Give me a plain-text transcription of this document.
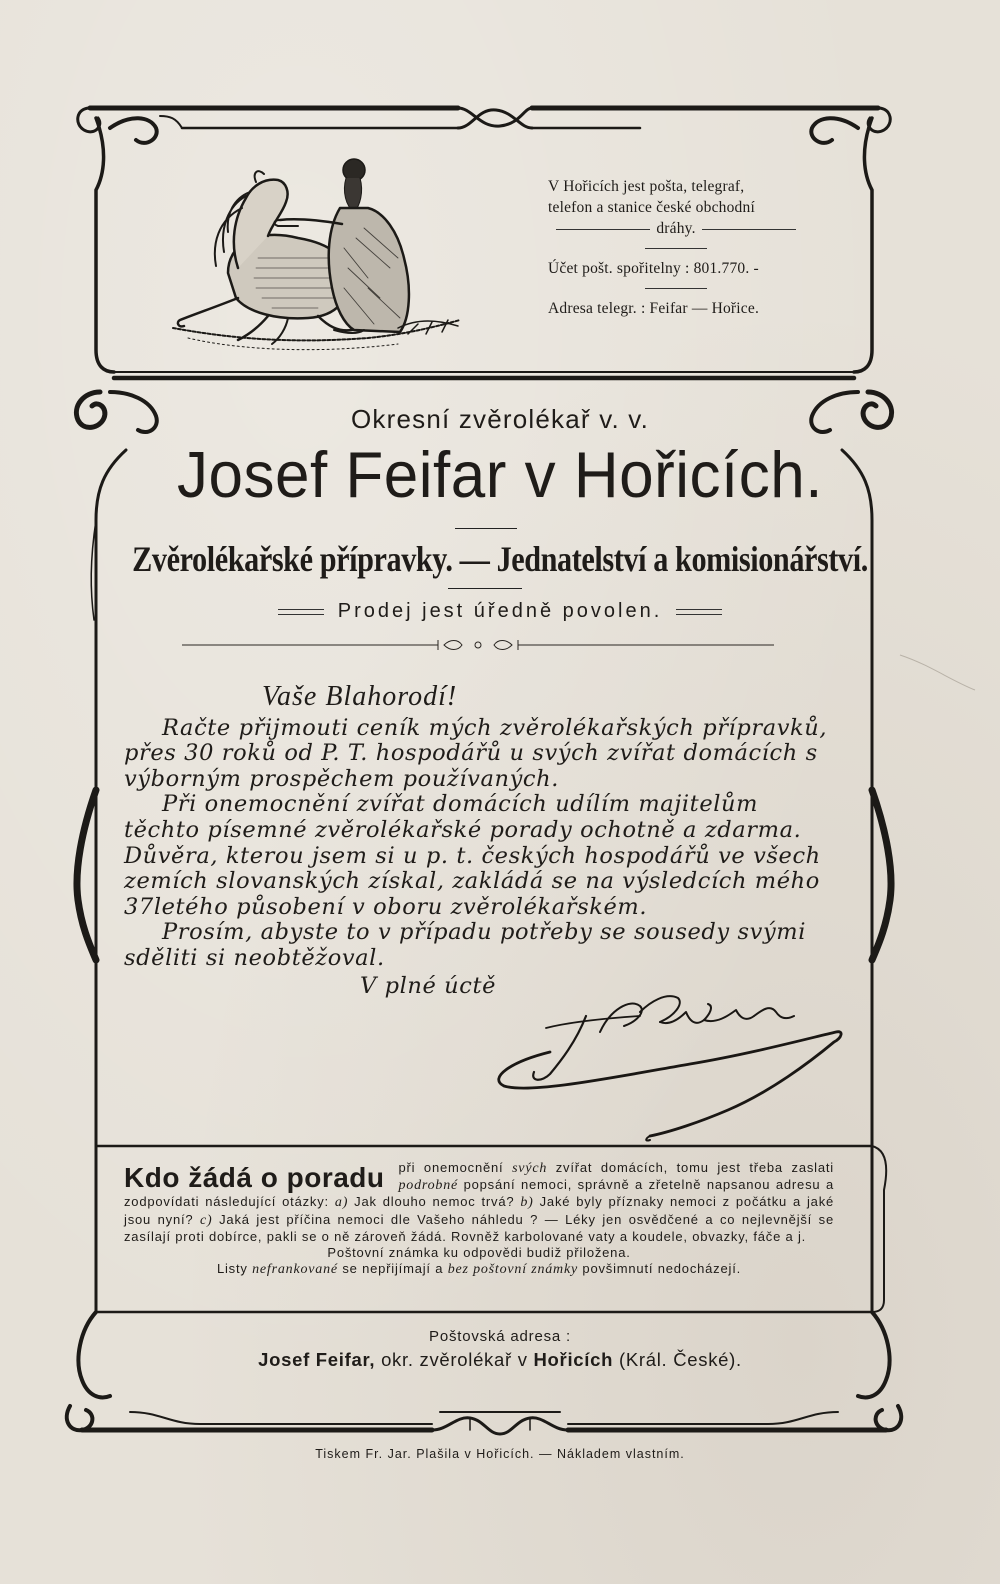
V Hořicích jest pošta, telegraf,
telefon a stanice české obchodní
dráhy.
Účet pošt. spořitelny : 801.770. -
Adresa telegr. : Feifar — Hořice.
Okresní zvěrolékař v. v.
Josef Feifar v Hořicích.
Zvěrolékařské přípravky. — Jednatelství a komisionářství.
Prodej jest úředně povolen.
Vaše Blahorodí!

Račte přijmouti ceník mých zvěrolékařských přípravků, přes 30 roků od P. T. hospodářů u svých zvířat domácích s výborným prospěchem používaných.

Při onemocnění zvířat domácích udílím majitelům těchto písemné zvěrolékařské porady ochotně a zdarma. Důvěra, kterou jsem si u p. t. českých hospodářů ve všech zemích slovanských získal, zakládá se na výsledcích mého 37letého působení v oboru zvěrolékařském.

Prosím, abyste to v případu potřeby se sousedy svými sděliti si neobtěžoval.

V plné úctě
Kdo žádá o poradu při onemocnění svých zvířat domácích, tomu jest třeba zaslati podrobné popsání nemoci, správně a zřetelně napsanou adresu a zodpovídati následující otázky: a) Jak dlouho nemoc trvá? b) Jaké byly příznaky nemoci z počátku a jaké jsou nyní? c) Jaká jest příčina nemoci dle Vašeho náhledu ? — Léky jen osvědčené a co nejlevnější se zasílají proti dobírce, pakli se o ně zároveň žádá. Rovněž karbolované vaty a koudele, obvazky, fáče a j.
Poštovní známka ku odpovědi budiž přiložena.
Listy nefrankované se nepřijímají a bez poštovní známky povšimnutí nedocházejí.
Poštovská adresa :
Josef Feifar, okr. zvěrolékař v Hořicích (Král. České).
Tiskem Fr. Jar. Plašila v Hořicích. — Nákladem vlastním.
